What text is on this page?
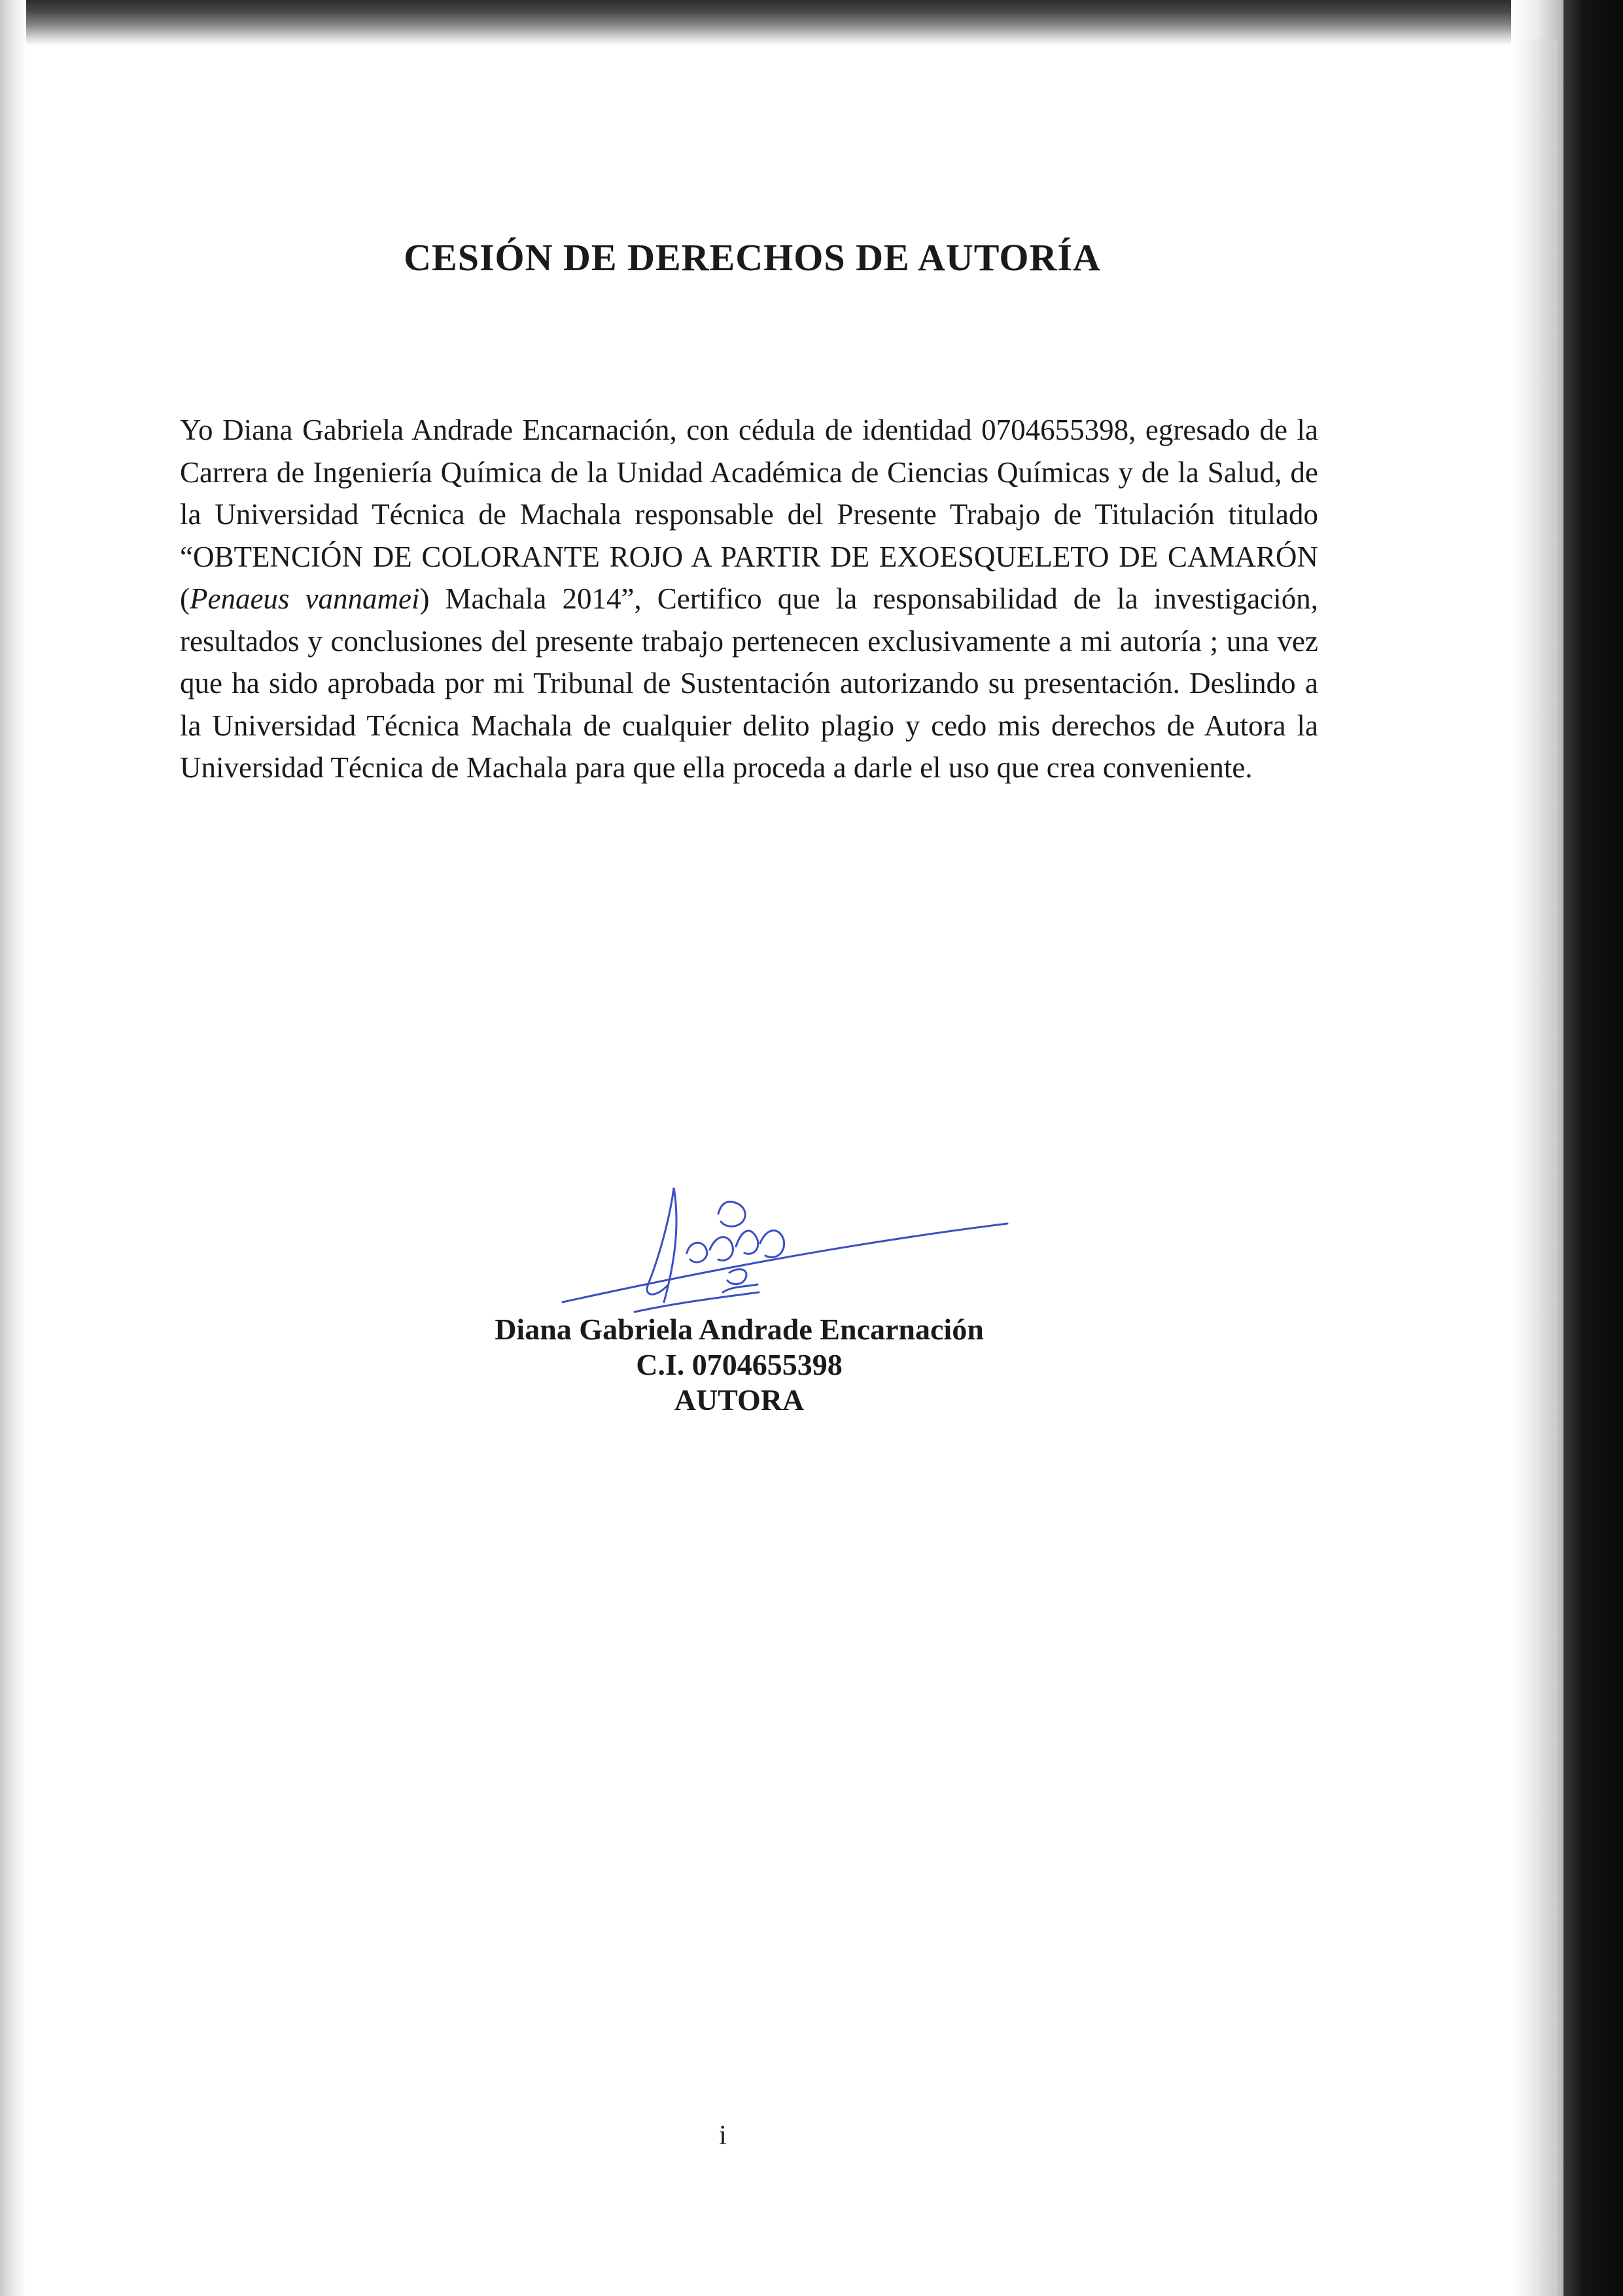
CESIÓN DE DERECHOS DE AUTORÍA

Yo Diana Gabriela Andrade Encarnación, con cédula de identidad 0704655398, egresado de la Carrera de Ingeniería Química de la Unidad Académica de Ciencias Químicas y de la Salud, de la Universidad Técnica de Machala responsable del Presente Trabajo de Titulación titulado “OBTENCIÓN DE COLORANTE ROJO A PARTIR DE EXOESQUELETO DE CAMARÓN (Penaeus vannamei) Machala 2014”, Certifico que la responsabilidad de la investigación, resultados y conclusiones del presente trabajo pertenecen exclusivamente a mi autoría ; una vez que ha sido aprobada por mi Tribunal de Sustentación autorizando su presentación. Deslindo a la Universidad Técnica Machala de cualquier delito plagio y cedo mis derechos de Autora la Universidad Técnica de Machala para que ella proceda a darle el uso que crea conveniente.

Andrade
Diana Gabriela Andrade Encarnación
C.I. 0704655398
AUTORA
i
